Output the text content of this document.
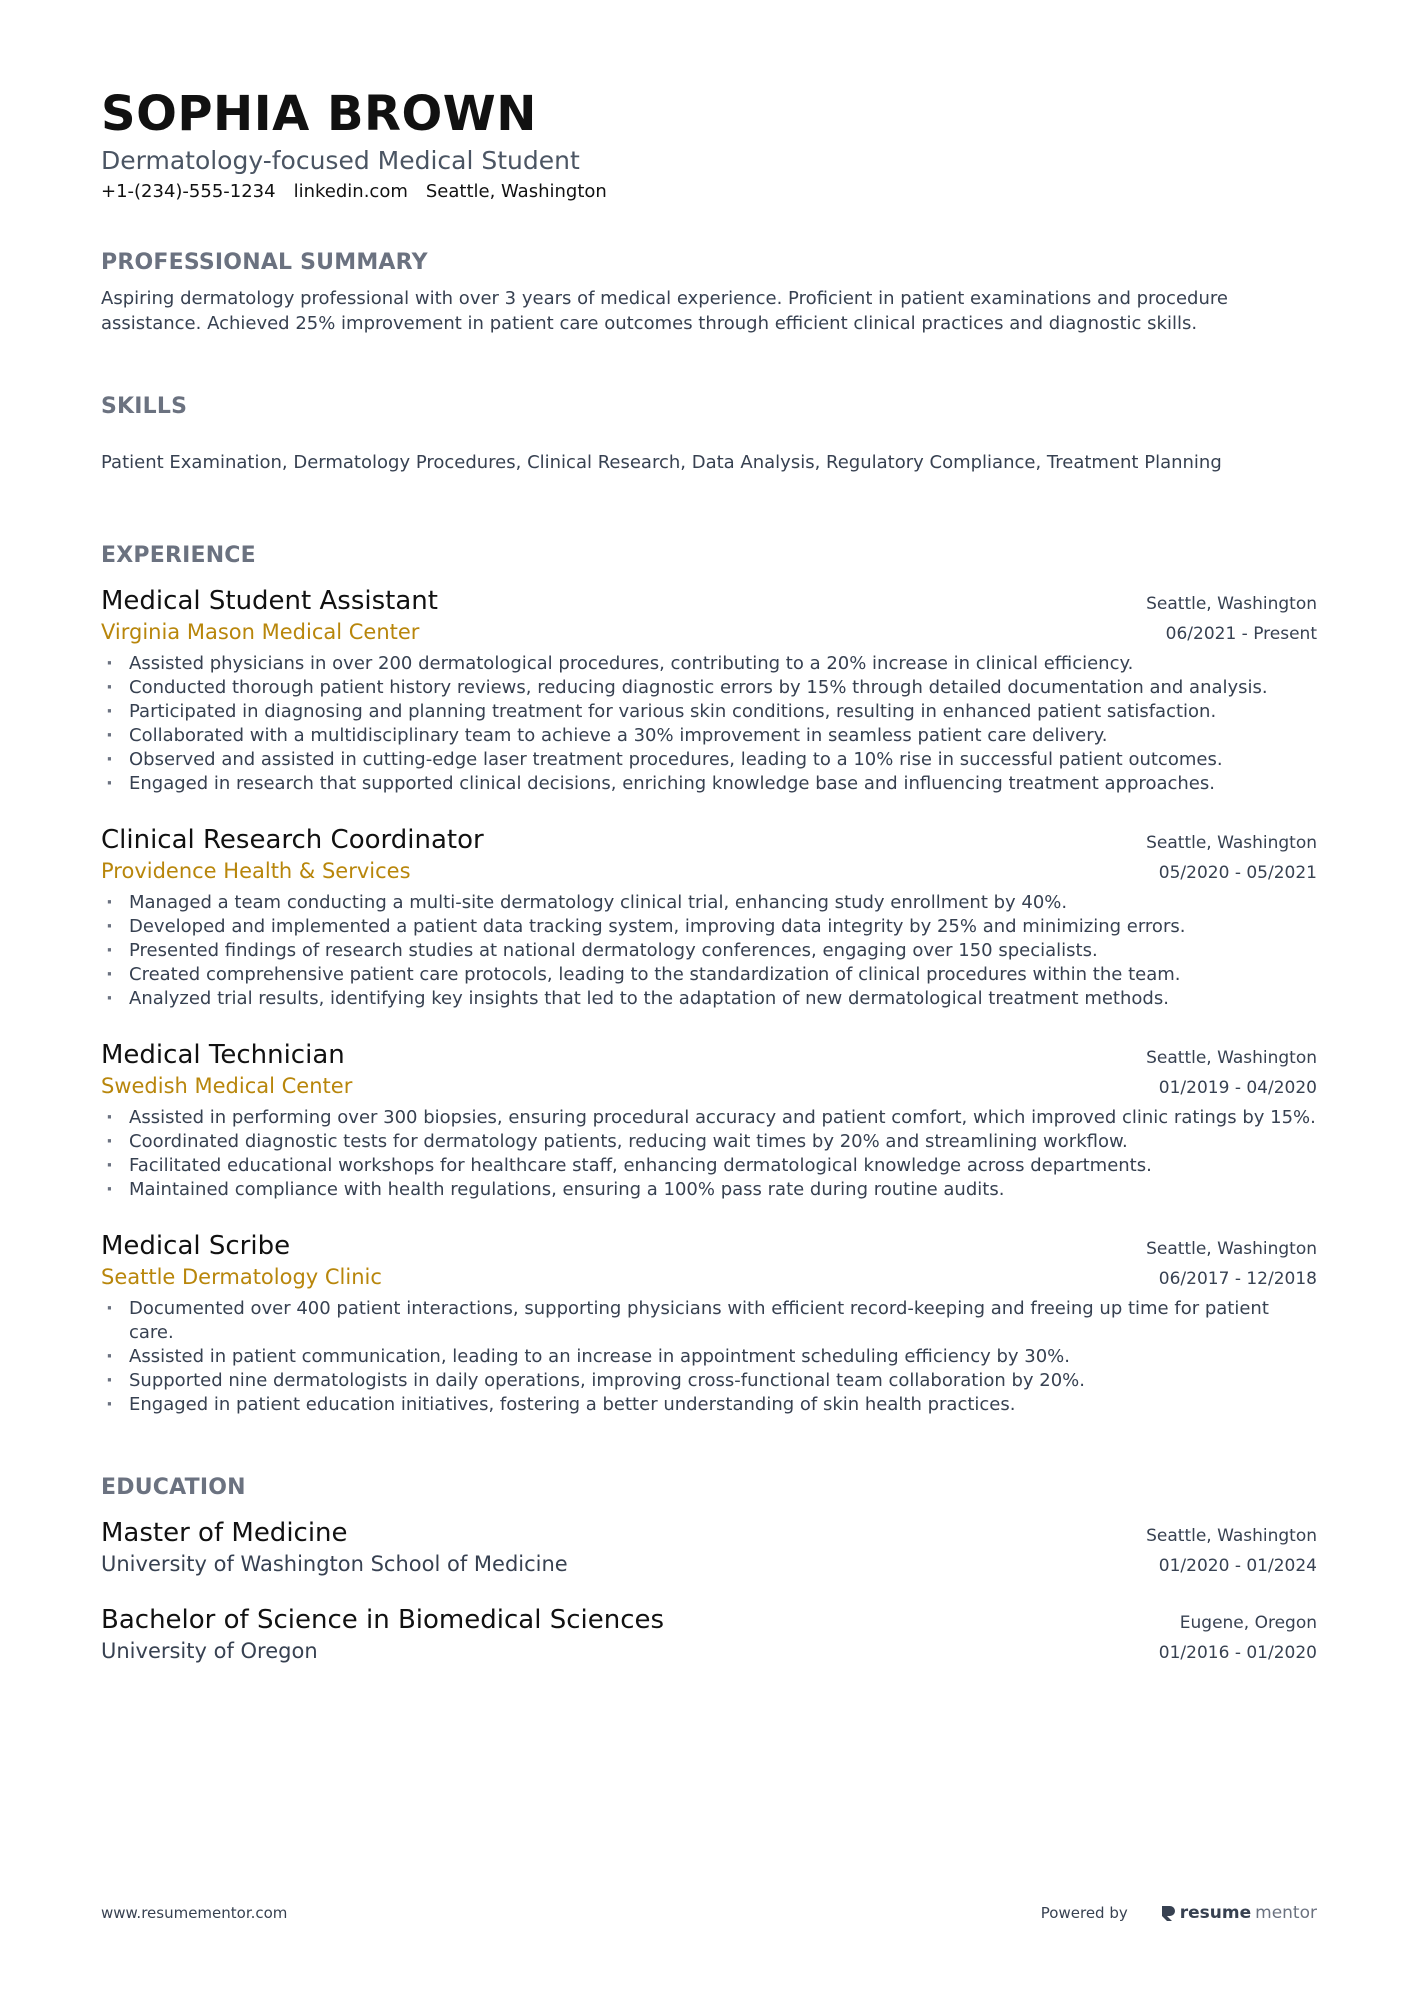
SOPHIA BROWN
Dermatology-focused Medical Student
+1-(234)-555-1234 linkedin.com Seattle, Washington
PROFESSIONAL SUMMARY
Aspiring dermatology professional with over 3 years of medical experience. Proficient in patient examinations and procedure assistance. Achieved 25% improvement in patient care outcomes through efficient clinical practices and diagnostic skills.
SKILLS
Patient Examination, Dermatology Procedures, Clinical Research, Data Analysis, Regulatory Compliance, Treatment Planning
EXPERIENCE
Medical Student Assistant	Seattle, Washington
Virginia Mason Medical Center	06/2021 - Present
· Assisted physicians in over 200 dermatological procedures, contributing to a 20% increase in clinical efficiency.
· Conducted thorough patient history reviews, reducing diagnostic errors by 15% through detailed documentation and analysis.
· Participated in diagnosing and planning treatment for various skin conditions, resulting in enhanced patient satisfaction.
· Collaborated with a multidisciplinary team to achieve a 30% improvement in seamless patient care delivery.
· Observed and assisted in cutting-edge laser treatment procedures, leading to a 10% rise in successful patient outcomes.
· Engaged in research that supported clinical decisions, enriching knowledge base and influencing treatment approaches.
Clinical Research Coordinator	Seattle, Washington
Providence Health & Services	05/2020 - 05/2021
· Managed a team conducting a multi-site dermatology clinical trial, enhancing study enrollment by 40%.
· Developed and implemented a patient data tracking system, improving data integrity by 25% and minimizing errors.
· Presented findings of research studies at national dermatology conferences, engaging over 150 specialists.
· Created comprehensive patient care protocols, leading to the standardization of clinical procedures within the team.
· Analyzed trial results, identifying key insights that led to the adaptation of new dermatological treatment methods.
Medical Technician	Seattle, Washington
Swedish Medical Center	01/2019 - 04/2020
· Assisted in performing over 300 biopsies, ensuring procedural accuracy and patient comfort, which improved clinic ratings by 15%.
· Coordinated diagnostic tests for dermatology patients, reducing wait times by 20% and streamlining workflow.
· Facilitated educational workshops for healthcare staff, enhancing dermatological knowledge across departments.
· Maintained compliance with health regulations, ensuring a 100% pass rate during routine audits.
Medical Scribe	Seattle, Washington
Seattle Dermatology Clinic	06/2017 - 12/2018
· Documented over 400 patient interactions, supporting physicians with efficient record-keeping and freeing up time for patient care.
· Assisted in patient communication, leading to an increase in appointment scheduling efficiency by 30%.
· Supported nine dermatologists in daily operations, improving cross-functional team collaboration by 20%.
· Engaged in patient education initiatives, fostering a better understanding of skin health practices.
EDUCATION
Master of Medicine	Seattle, Washington
University of Washington School of Medicine	01/2020 - 01/2024
Bachelor of Science in Biomedical Sciences	Eugene, Oregon
University of Oregon	01/2016 - 01/2020
www.resumementor.com	Powered by	resume mentor
